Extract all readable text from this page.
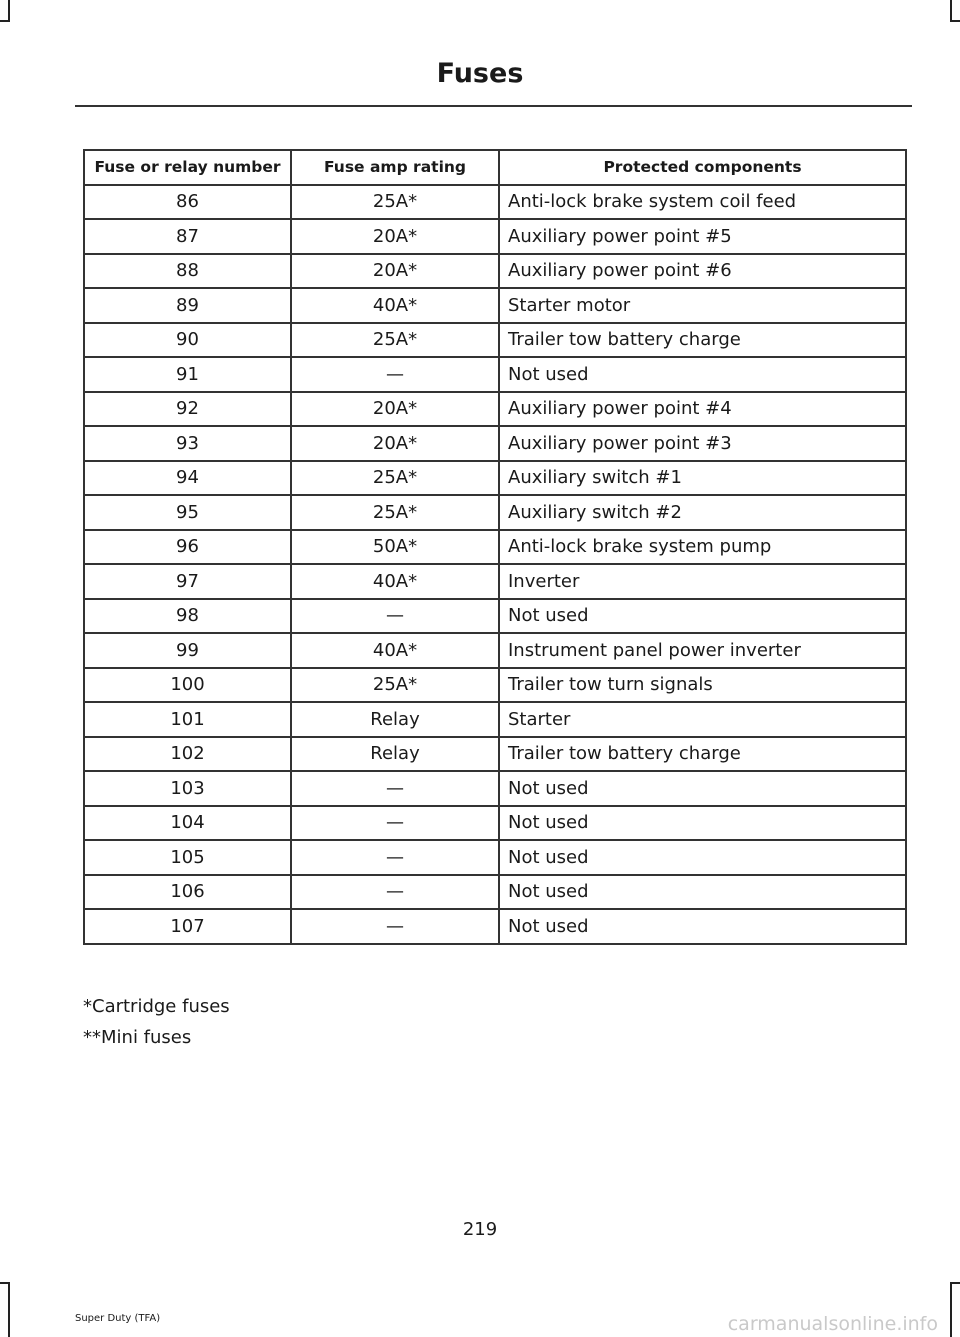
Fuses
Fuse or relay number	Fuse amp rating	Protected components
86	25A*	Anti-lock brake system coil feed
87	20A*	Auxiliary power point #5
88	20A*	Auxiliary power point #6
89	40A*	Starter motor
90	25A*	Trailer tow battery charge
91	—	Not used
92	20A*	Auxiliary power point #4
93	20A*	Auxiliary power point #3
94	25A*	Auxiliary switch #1
95	25A*	Auxiliary switch #2
96	50A*	Anti-lock brake system pump
97	40A*	Inverter
98	—	Not used
99	40A*	Instrument panel power inverter
100	25A*	Trailer tow turn signals
101	Relay	Starter
102	Relay	Trailer tow battery charge
103	—	Not used
104	—	Not used
105	—	Not used
106	—	Not used
107	—	Not used
*Cartridge fuses
**Mini fuses
219
Super Duty (TFA)	carmanualsonline.info
